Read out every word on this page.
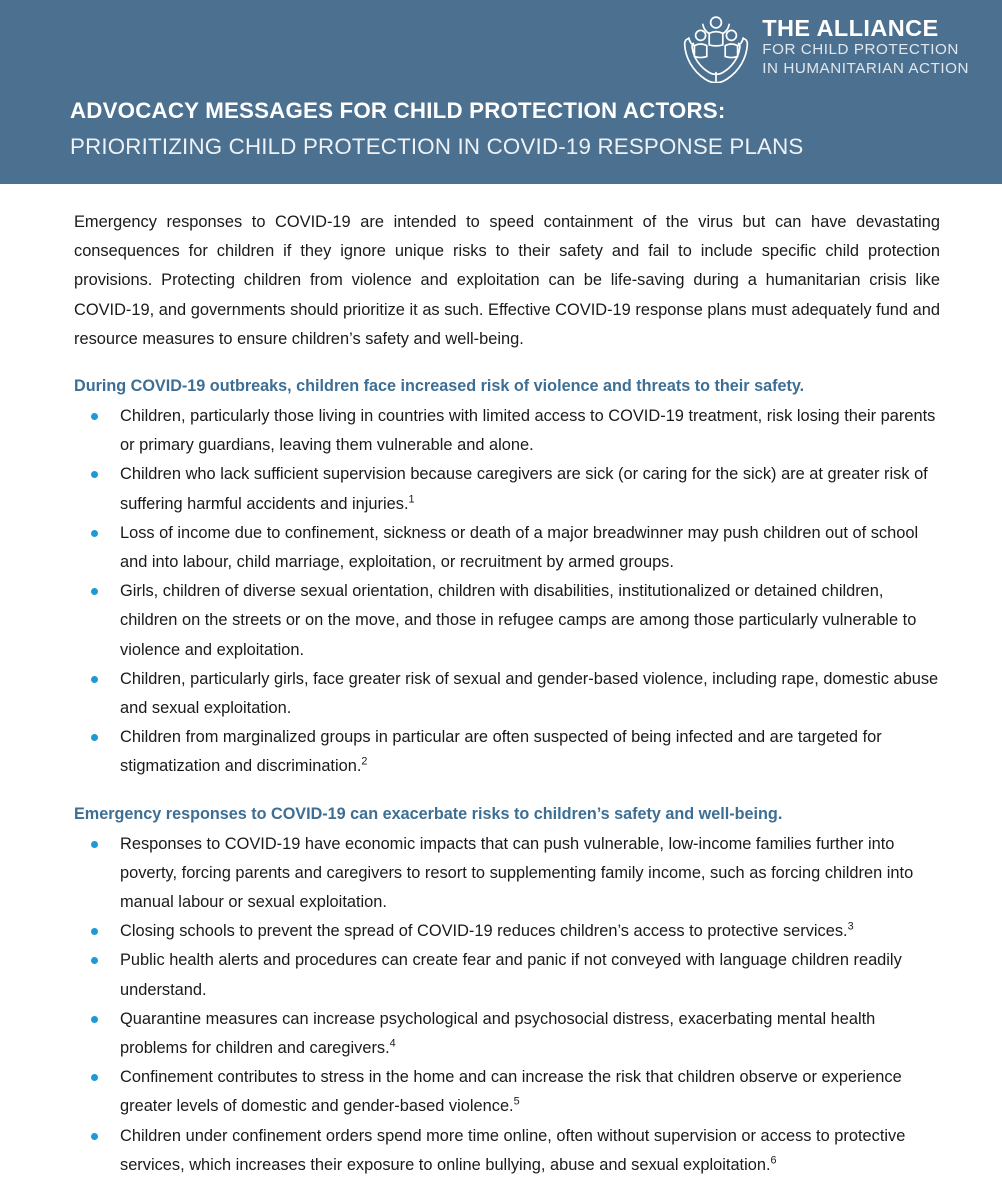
THE ALLIANCE
FOR CHILD PROTECTION
IN HUMANITARIAN ACTION
ADVOCACY MESSAGES FOR CHILD PROTECTION ACTORS:
PRIORITIZING CHILD PROTECTION IN COVID-19 RESPONSE PLANS

Emergency responses to COVID-19 are intended to speed containment of the virus but can have devastating consequences for children if they ignore unique risks to their safety and fail to include specific child protection provisions. Protecting children from violence and exploitation can be life-saving during a humanitarian crisis like COVID-19, and governments should prioritize it as such. Effective COVID-19 response plans must adequately fund and resource measures to ensure children’s safety and well-being.

During COVID-19 outbreaks, children face increased risk of violence and threats to their safety.
Children, particularly those living in countries with limited access to COVID-19 treatment, risk losing their parents or primary guardians, leaving them vulnerable and alone.
Children who lack sufficient supervision because caregivers are sick (or caring for the sick) are at greater risk of suffering harmful accidents and injuries.$^1$
Loss of income due to confinement, sickness or death of a major breadwinner may push children out of school and into labour, child marriage, exploitation, or recruitment by armed groups.
Girls, children of diverse sexual orientation, children with disabilities, institutionalized or detained children, children on the streets or on the move, and those in refugee camps are among those particularly vulnerable to violence and exploitation.
Children, particularly girls, face greater risk of sexual and gender-based violence, including rape, domestic abuse and sexual exploitation.
Children from marginalized groups in particular are often suspected of being infected and are targeted for stigmatization and discrimination.$^2$
Emergency responses to COVID-19 can exacerbate risks to children’s safety and well-being.
Responses to COVID-19 have economic impacts that can push vulnerable, low-income families further into poverty, forcing parents and caregivers to resort to supplementing family income, such as forcing children into manual labour or sexual exploitation.
Closing schools to prevent the spread of COVID-19 reduces children’s access to protective services.$^3$
Public health alerts and procedures can create fear and panic if not conveyed with language children readily understand.
Quarantine measures can increase psychological and psychosocial distress, exacerbating mental health problems for children and caregivers.$^4$
Confinement contributes to stress in the home and can increase the risk that children observe or experience greater levels of domestic and gender-based violence.$^5$
Children under confinement orders spend more time online, often without supervision or access to protective services, which increases their exposure to online bullying, abuse and sexual exploitation.$^6$
